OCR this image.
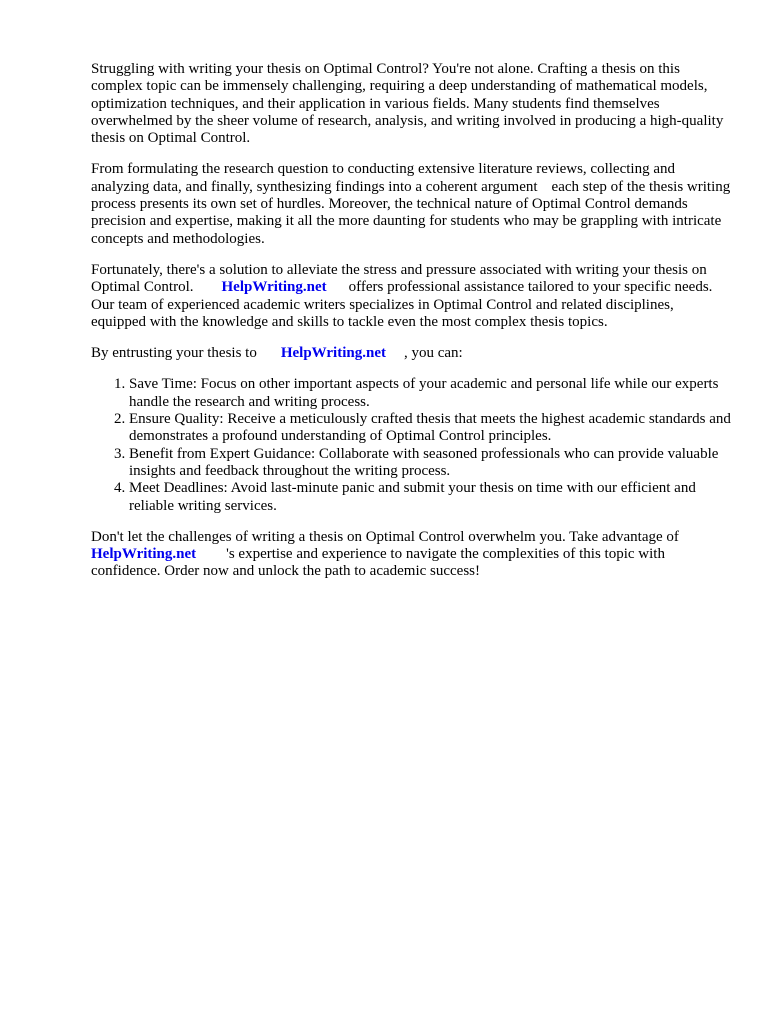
Struggling with writing your thesis on Optimal Control? You're not alone. Crafting a thesis on this complex topic can be immensely challenging, requiring a deep understanding of mathematical models, optimization techniques, and their application in various fields. Many students find themselves overwhelmed by the sheer volume of research, analysis, and writing involved in producing a high-quality thesis on Optimal Control.

From formulating the research question to conducting extensive literature reviews, collecting and analyzing data, and finally, synthesizing findings into a coherent argument each step of the thesis writing process presents its own set of hurdles. Moreover, the technical nature of Optimal Control demands precision and expertise, making it all the more daunting for students who may be grappling with intricate concepts and methodologies.

Fortunately, there's a solution to alleviate the stress and pressure associated with writing your thesis on Optimal Control. HelpWriting.net offers professional assistance tailored to your specific needs. Our team of experienced academic writers specializes in Optimal Control and related disciplines, equipped with the knowledge and skills to tackle even the most complex thesis topics.

By entrusting your thesis to HelpWriting.net , you can:

1. Save Time: Focus on other important aspects of your academic and personal life while our experts handle the research and writing process.
2. Ensure Quality: Receive a meticulously crafted thesis that meets the highest academic standards and demonstrates a profound understanding of Optimal Control principles.
3. Benefit from Expert Guidance: Collaborate with seasoned professionals who can provide valuable insights and feedback throughout the writing process.
4. Meet Deadlines: Avoid last-minute panic and submit your thesis on time with our efficient and reliable writing services.

Don't let the challenges of writing a thesis on Optimal Control overwhelm you. Take advantage of HelpWriting.net 's expertise and experience to navigate the complexities of this topic with confidence. Order now and unlock the path to academic success!
